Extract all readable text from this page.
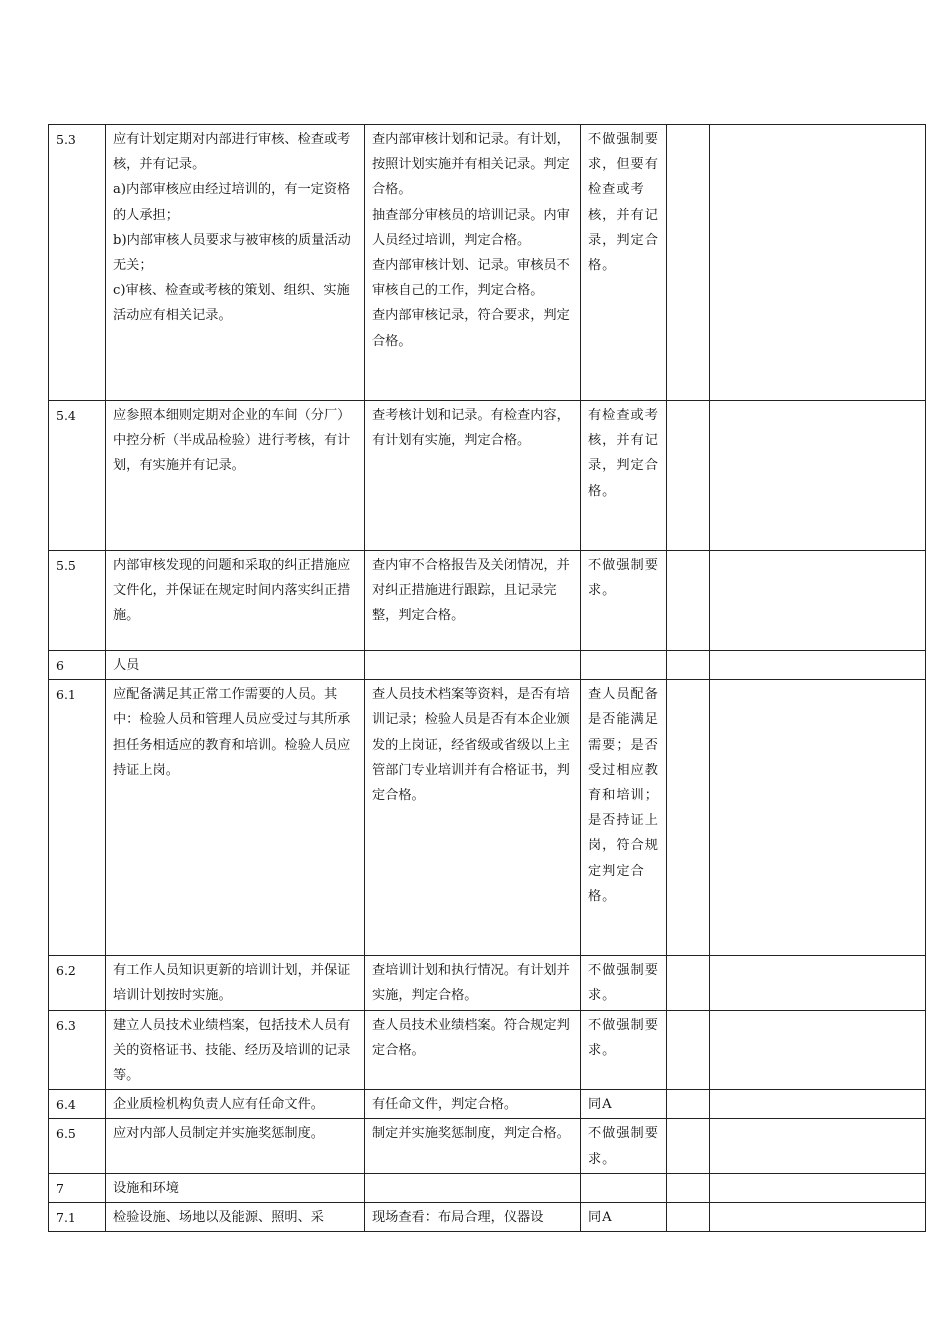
5.3	应有计划定期对内部进行审核、检查或考核，并有记录。
a)内部审核应由经过培训的，有一定资格的人承担；
b)内部审核人员要求与被审核的质量活动无关；
c)审核、检查或考核的策划、组织、实施活动应有相关记录。	查内部审核计划和记录。有计划，按照计划实施并有相关记录。判定合格。
抽查部分审核员的培训记录。内审人员经过培训，判定合格。
查内部审核计划、记录。审核员不审核自己的工作，判定合格。
查内部审核记录，符合要求，判定合格。	不做强制要求，但要有检查或考核，并有记录，判定合格。		
5.4	应参照本细则定期对企业的车间（分厂）中控分析（半成品检验）进行考核，有计划，有实施并有记录。	查考核计划和记录。有检查内容，有计划有实施，判定合格。	有检查或考核，并有记录，判定合格。		
5.5	内部审核发现的问题和采取的纠正措施应文件化，并保证在规定时间内落实纠正措施。	查内审不合格报告及关闭情况，并对纠正措施进行跟踪，且记录完整，判定合格。	不做强制要求。		
6	人员				

6.1	应配备满足其正常工作需要的人员。其中：检验人员和管理人员应受过与其所承担任务相适应的教育和培训。检验人员应持证上岗。	查人员技术档案等资料，是否有培训记录；检验人员是否有本企业颁发的上岗证，经省级或省级以上主管部门专业培训并有合格证书，判定合格。	查人员配备是否能满足需要；是否受过相应教育和培训；是否持证上岗，符合规定判定合格。		
6.2	有工作人员知识更新的培训计划，并保证培训计划按时实施。	查培训计划和执行情况。有计划并实施，判定合格。	不做强制要求。		
6.3	建立人员技术业绩档案，包括技术人员有关的资格证书、技能、经历及培训的记录等。	查人员技术业绩档案。符合规定判定合格。	不做强制要求。		
6.4	企业质检机构负责人应有任命文件。	有任命文件，判定合格。	同A		
6.5	应对内部人员制定并实施奖惩制度。	制定并实施奖惩制度，判定合格。	不做强制要求。		
7	设施和环境				

7.1	检验设施、场地以及能源、照明、采	现场查看：布局合理，仪器设	同A		
